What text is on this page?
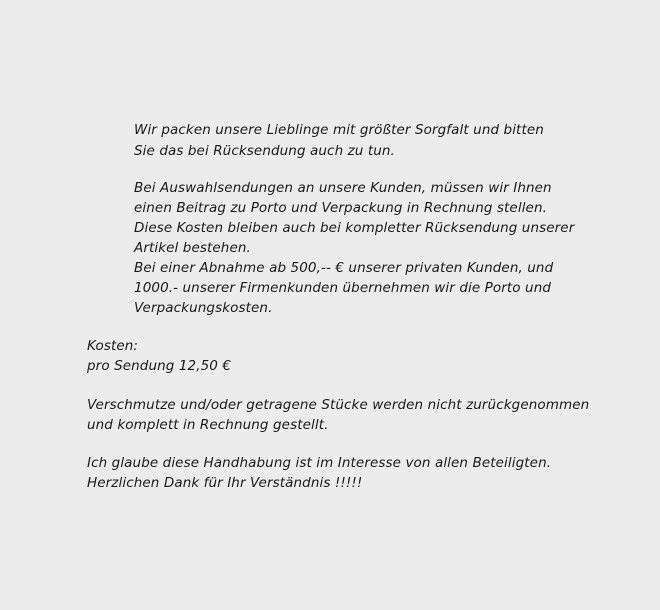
Wir packen unsere Lieblinge mit größter Sorgfalt und bitten
Sie das bei Rücksendung auch zu tun.
Bei Auswahlsendungen an unsere Kunden, müssen wir Ihnen
einen Beitrag zu Porto und Verpackung in Rechnung stellen.
Diese Kosten bleiben auch bei kompletter Rücksendung unserer
Artikel bestehen.
Bei einer Abnahme ab 500,-- € unserer privaten Kunden, und
1000.- unserer Firmenkunden übernehmen wir die Porto und
Verpackungskosten.
Kosten:
pro Sendung 12,50 €
Verschmutze und/oder getragene Stücke werden nicht zurückgenommen
und komplett in Rechnung gestellt.
Ich glaube diese Handhabung ist im Interesse von allen Beteiligten.
Herzlichen Dank für Ihr Verständnis !!!!!
